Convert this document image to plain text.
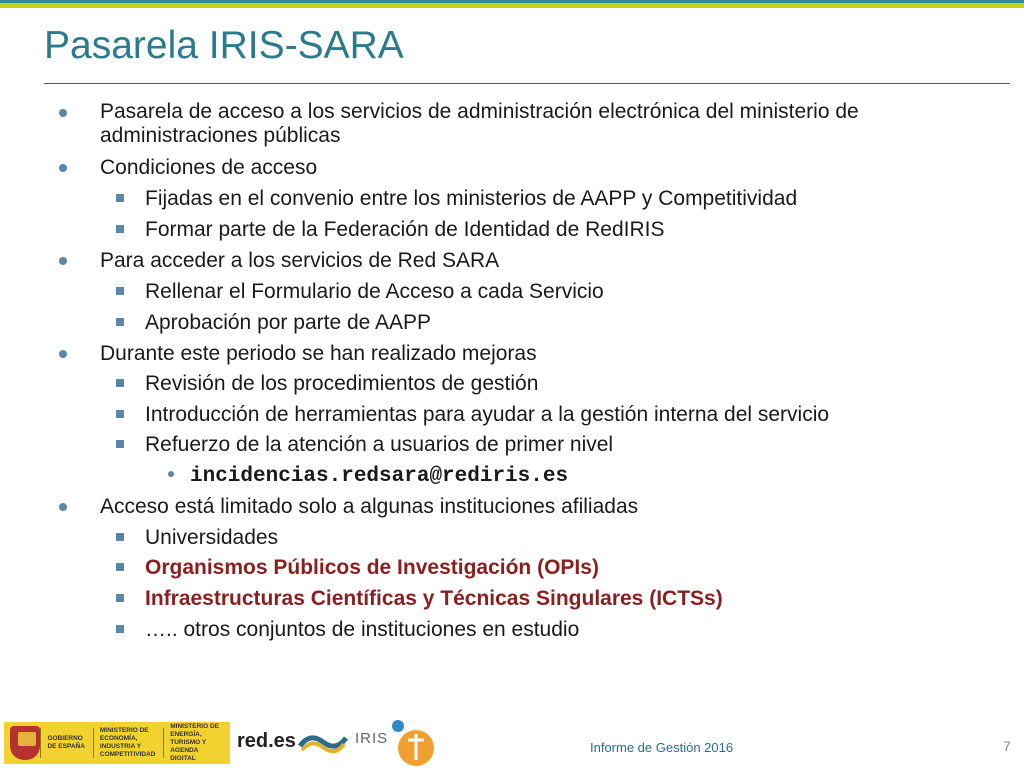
Pasarela IRIS-SARA
Pasarela de acceso a los servicios de administración electrónica del ministerio de administraciones públicas
Condiciones de acceso
Fijadas en el convenio entre los ministerios de AAPP y Competitividad
Formar parte de la Federación de Identidad de RedIRIS
Para acceder a los servicios de Red SARA
Rellenar el Formulario de Acceso a cada Servicio
Aprobación por parte de AAPP
Durante este periodo se han realizado mejoras
Revisión de los procedimientos de gestión
Introducción de herramientas para ayudar a la gestión interna del servicio
Refuerzo de la atención a usuarios de primer nivel
incidencias.redsara@rediris.es
Acceso está limitado solo a algunas instituciones afiliadas
Universidades
Organismos Públicos de Investigación (OPIs)
Infraestructuras Científicas y Técnicas Singulares (ICTSs)
….. otros conjuntos de instituciones en estudio
GOBIERNO DE ESPAÑA
MINISTERIO DE ECONOMÍA, INDUSTRIA Y COMPETITIVIDAD
MINISTERIO DE ENERGÍA, TURISMO Y AGENDA DIGITAL
red.es	IRIS
Informe de Gestión 2016	7
